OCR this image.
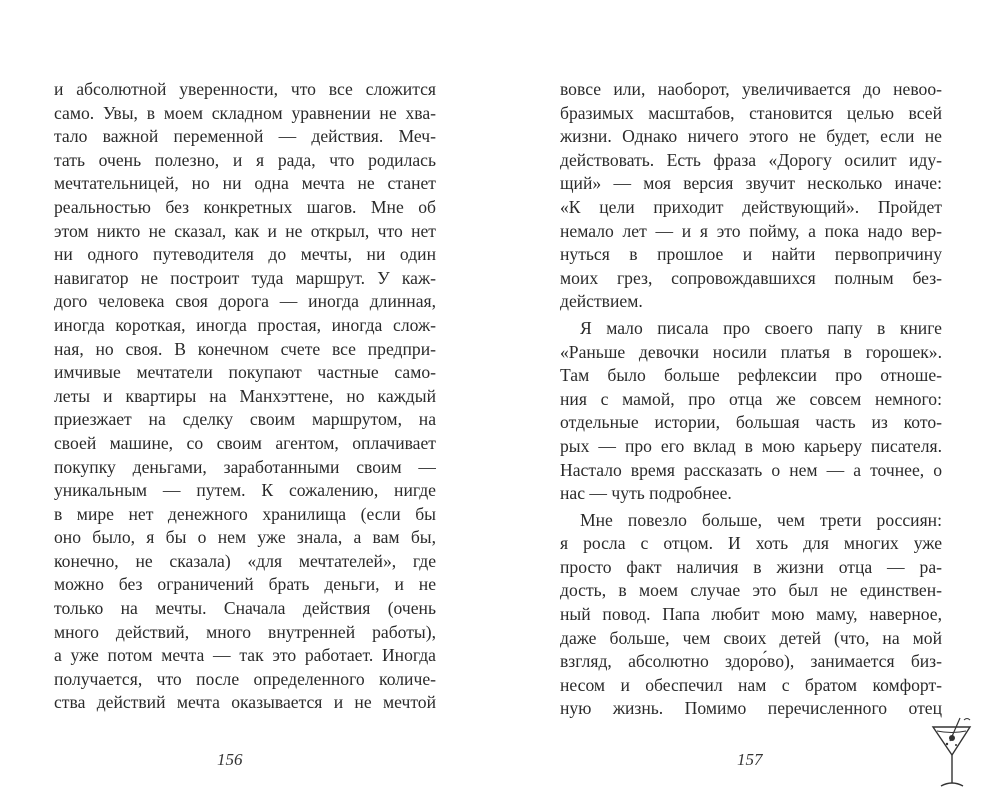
и абсолютной уверенности, что все сложится
само. Увы, в моем складном уравнении не хва-
тало важной переменной — действия. Меч-
тать очень полезно, и я рада, что родилась
мечтательницей, но ни одна мечта не станет
реальностью без конкретных шагов. Мне об
этом никто не сказал, как и не открыл, что нет
ни одного путеводителя до мечты, ни один
навигатор не построит туда маршрут. У каж-
дого человека своя дорога — иногда длинная,
иногда короткая, иногда простая, иногда слож-
ная, но своя. В конечном счете все предпри-
имчивые мечтатели покупают частные само-
леты и квартиры на Манхэттене, но каждый
приезжает на сделку своим маршрутом, на
своей машине, со своим агентом, оплачивает
покупку деньгами, заработанными своим —
уникальным — путем. К сожалению, нигде
в мире нет денежного хранилища (если бы
оно было, я бы о нем уже знала, а вам бы,
конечно, не сказала) «для мечтателей», где
можно без ограничений брать деньги, и не
только на мечты. Сначала действия (очень
много действий, много внутренней работы),
а уже потом мечта — так это работает. Иногда
получается, что после определенного количе-
ства действий мечта оказывается и не мечтой
вовсе или, наоборот, увеличивается до невоо-
бразимых масштабов, становится целью всей
жизни. Однако ничего этого не будет, если не
действовать. Есть фраза «Дорогу осилит иду-
щий» — моя версия звучит несколько иначе:
«К цели приходит действующий». Пройдет
немало лет — и я это пойму, а пока надо вер-
нуться в прошлое и найти первопричину
моих грез, сопровождавшихся полным без-
действием.
Я мало писала про своего папу в книге
«Раньше девочки носили платья в горошек».
Там было больше рефлексии про отноше-
ния с мамой, про отца же совсем немного:
отдельные истории, большая часть из кото-
рых — про его вклад в мою карьеру писателя.
Настало время рассказать о нем — а точнее, о
нас — чуть подробнее.
Мне повезло больше, чем трети россиян:
я росла с отцом. И хоть для многих уже
просто факт наличия в жизни отца — ра-
дость, в моем случае это был не единствен-
ный повод. Папа любит мою маму, наверное,
даже больше, чем своих детей (что, на мой
взгляд, абсолютно здоро́во), занимается биз-
несом и обеспечил нам с братом комфорт-
ную жизнь. Помимо перечисленного отец
156	157
